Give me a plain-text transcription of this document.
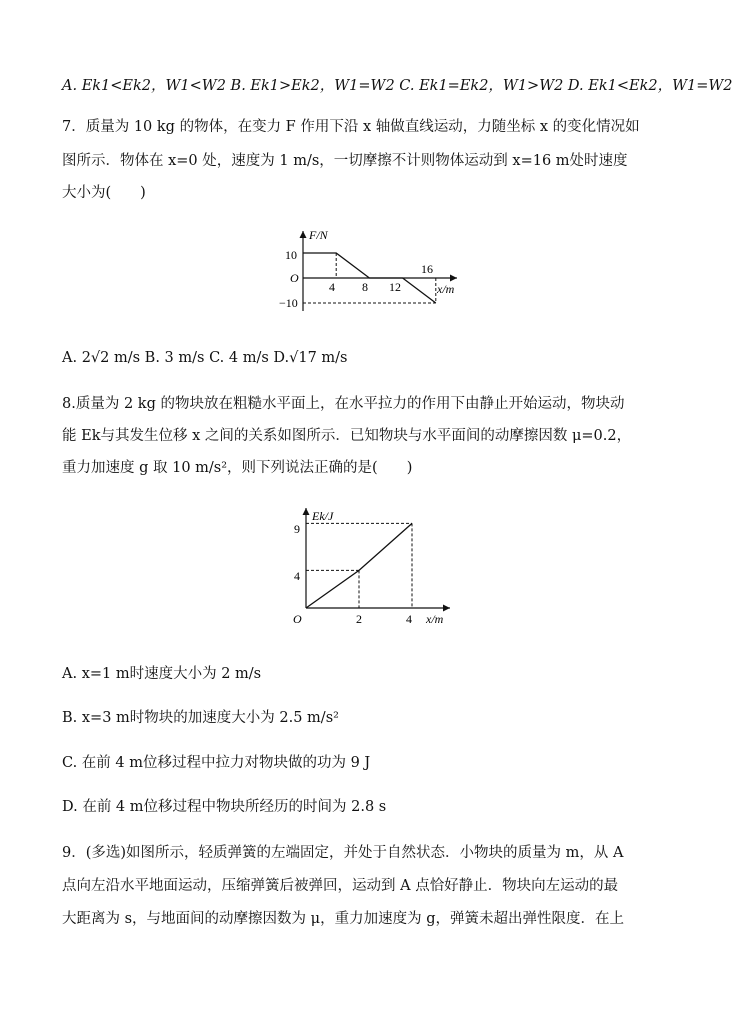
A. Ek1<Ek2，W1<W2 B. Ek1>Ek2，W1=W2 C. Ek1=Ek2，W1>W2 D. Ek1<Ek2，W1=W2
7．质量为 10 kg 的物体，在变力 F 作用下沿 x 轴做直线运动，力随坐标 x 的变化情况如
图所示．物体在 x=0 处，速度为 1 m/s，一切摩擦不计则物体运动到 x=16 m处时速度
大小为(　　)
F/N
x/m
O
10
−10
4 8 12
16
A. 2√2 m/s B. 3 m/s C. 4 m/s D.√17 m/s
8.质量为 2 kg 的物块放在粗糙水平面上，在水平拉力的作用下由静止开始运动，物块动
能 Ek与其发生位移 x 之间的关系如图所示．已知物块与水平面间的动摩擦因数 μ=0.2，
重力加速度 g 取 10 m/s²，则下列说法正确的是(　　)
Ek/J
x/m
O
9
4
2	4
A. x=1 m时速度大小为 2 m/s
B. x=3 m时物块的加速度大小为 2.5 m/s²
C. 在前 4 m位移过程中拉力对物块做的功为 9 J
D. 在前 4 m位移过程中物块所经历的时间为 2.8 s
9．(多选)如图所示，轻质弹簧的左端固定，并处于自然状态．小物块的质量为 m，从 A
点向左沿水平地面运动，压缩弹簧后被弹回，运动到 A 点恰好静止．物块向左运动的最
大距离为 s，与地面间的动摩擦因数为 μ，重力加速度为 g，弹簧未超出弹性限度．在上
